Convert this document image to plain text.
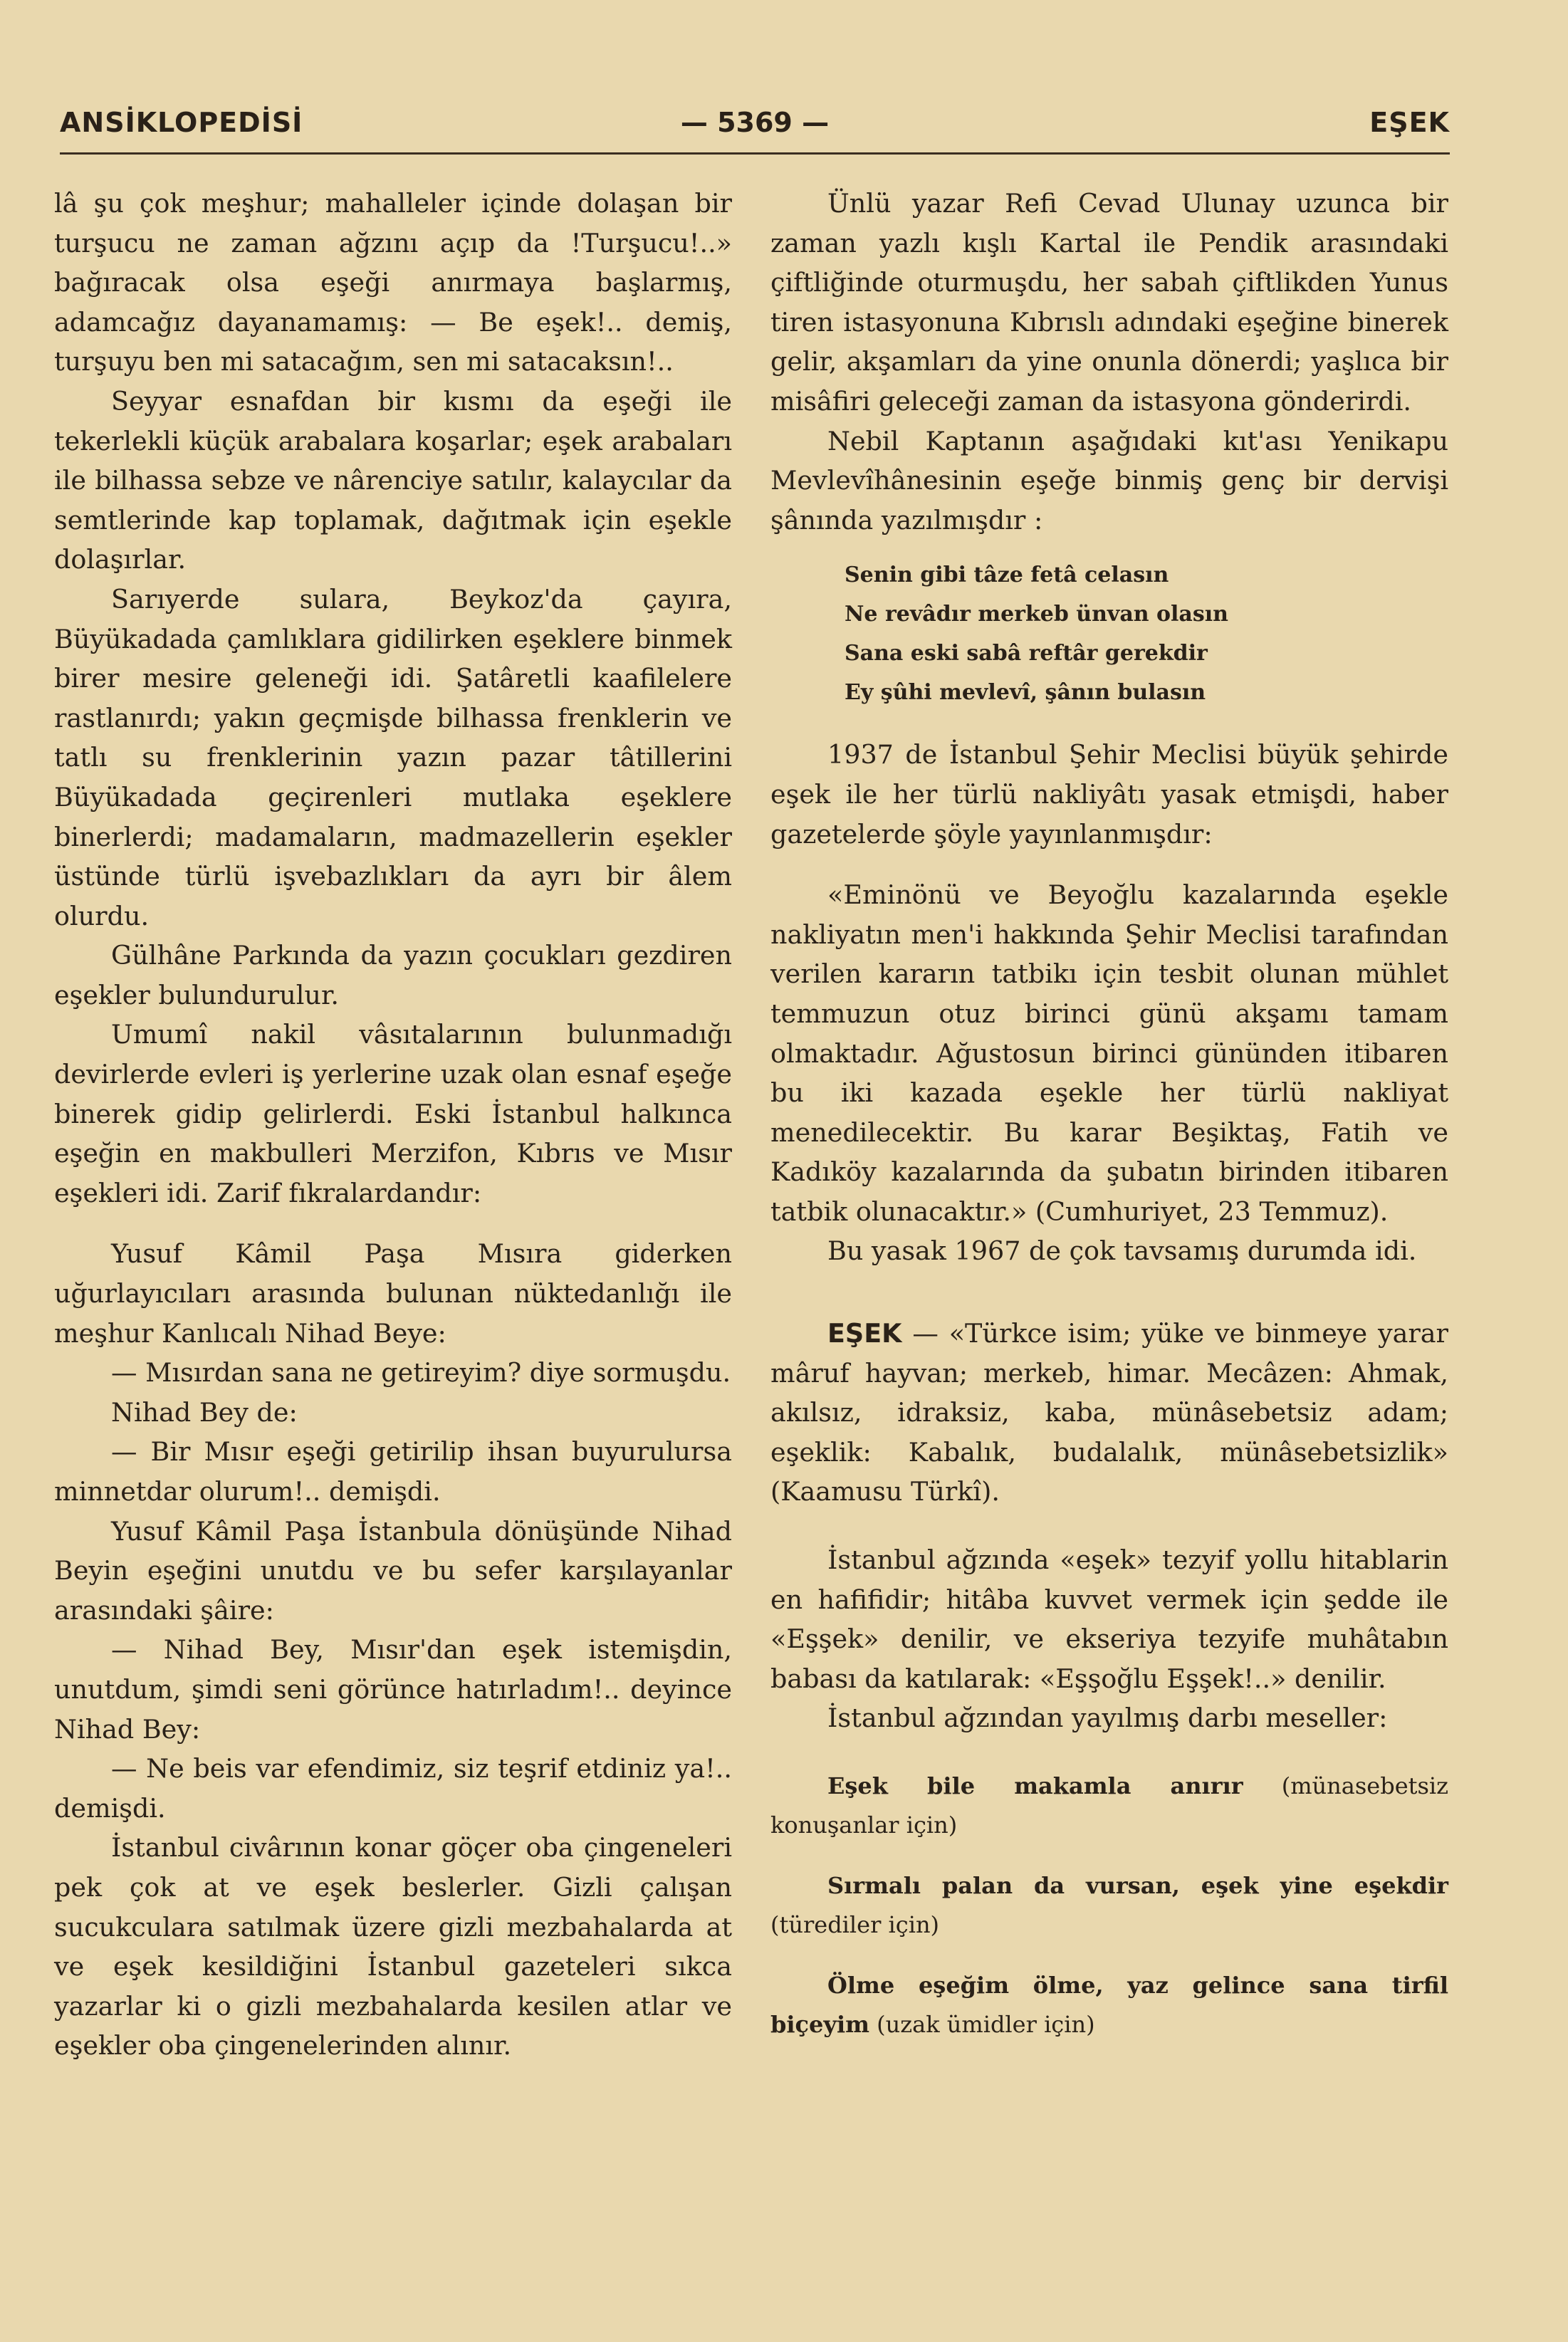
ANSİKLOPEDİSİ	— 5369 —	EŞEK

lâ şu çok meşhur; mahalleler içinde dolaşan bir turşucu ne zaman ağzını açıp da !Turşucu!..» bağıracak olsa eşeği anırmaya başlarmış, adamcağız dayanamamış: — Be eşek!.. demiş, turşuyu ben mi satacağım, sen mi satacaksın!..

Seyyar esnafdan bir kısmı da eşeği ile tekerlekli küçük arabalara koşarlar; eşek arabaları ile bilhassa sebze ve nârenciye satılır, kalaycılar da semtlerinde kap toplamak, dağıtmak için eşekle dolaşırlar.

Sarıyerde sulara, Beykoz'da çayıra, Büyükadada çamlıklara gidilirken eşeklere binmek birer mesire geleneği idi. Şatâretli kaafilelere rastlanırdı; yakın geçmişde bilhassa frenklerin ve tatlı su frenklerinin yazın pazar tâtillerini Büyükadada geçirenleri mutlaka eşeklere binerlerdi; madamaların, madmazellerin eşekler üstünde türlü işvebazlıkları da ayrı bir âlem olurdu.

Gülhâne Parkında da yazın çocukları gezdiren eşekler bulundurulur.

Umumî nakil vâsıtalarının bulunmadığı devirlerde evleri iş yerlerine uzak olan esnaf eşeğe binerek gidip gelirlerdi. Eski İstanbul halkınca eşeğin en makbulleri Merzifon, Kıbrıs ve Mısır eşekleri idi. Zarif fıkralardandır:

Yusuf Kâmil Paşa Mısıra giderken uğurlayıcıları arasında bulunan nüktedanlığı ile meşhur Kanlıcalı Nihad Beye:

— Mısırdan sana ne getireyim? diye sormuşdu.

Nihad Bey de:

— Bir Mısır eşeği getirilip ihsan buyurulursa minnetdar olurum!.. demişdi.

Yusuf Kâmil Paşa İstanbula dönüşünde Nihad Beyin eşeğini unutdu ve bu sefer karşılayanlar arasındaki şâire:

— Nihad Bey, Mısır'dan eşek istemişdin, unutdum, şimdi seni görünce hatırladım!.. deyince Nihad Bey:

— Ne beis var efendimiz, siz teşrif etdiniz ya!.. demişdi.

İstanbul civârının konar göçer oba çingeneleri pek çok at ve eşek beslerler. Gizli çalışan sucukculara satılmak üzere gizli mezbahalarda at ve eşek kesildiğini İstanbul gazeteleri sıkca yazarlar ki o gizli mezbahalarda kesilen atlar ve eşekler oba çingenelerinden alınır.

Ünlü yazar Refi Cevad Ulunay uzunca bir zaman yazlı kışlı Kartal ile Pendik arasındaki çiftliğinde oturmuşdu, her sabah çiftlikden Yunus tiren istasyonuna Kıbrıslı adındaki eşeğine binerek gelir, akşamları da yine onunla dönerdi; yaşlıca bir misâfiri geleceği zaman da istasyona gönderirdi.

Nebil Kaptanın aşağıdaki kıt'ası Yenikapu Mevlevîhânesinin eşeğe binmiş genç bir dervişi şânında yazılmışdır :

Senin gibi tâze fetâ celasın
Ne revâdır merkeb ünvan olasın
Sana eski sabâ reftâr gerekdir
Ey şûhi mevlevî, şânın bulasın

1937 de İstanbul Şehir Meclisi büyük şehirde eşek ile her türlü nakliyâtı yasak etmişdi, haber gazetelerde şöyle yayınlanmışdır:

«Eminönü ve Beyoğlu kazalarında eşekle nakliyatın men'i hakkında Şehir Meclisi tarafından verilen kararın tatbikı için tesbit olunan mühlet temmuzun otuz birinci günü akşamı tamam olmaktadır. Ağustosun birinci gününden itibaren bu iki kazada eşekle her türlü nakliyat menedilecektir. Bu karar Beşiktaş, Fatih ve Kadıköy kazalarında da şubatın birinden itibaren tatbik olunacaktır.» (Cumhuriyet, 23 Temmuz).

Bu yasak 1967 de çok tavsamış durumda idi.

EŞEK — «Türkce isim; yüke ve binmeye yarar mâruf hayvan; merkeb, himar. Mecâzen: Ahmak, akılsız, idraksiz, kaba, münâsebetsiz adam; eşeklik: Kabalık, budalalık, münâsebetsizlik» (Kaamusu Türkî).

İstanbul ağzında «eşek» tezyif yollu hitablarin en hafifidir; hitâba kuvvet vermek için şedde ile «Eşşek» denilir, ve ekseriya tezyife muhâtabın babası da katılarak: «Eşşoğlu Eşşek!..» denilir.

İstanbul ağzından yayılmış darbı meseller:

Eşek bile makamla anırır (münasebetsiz konuşanlar için)

Sırmalı palan da vursan, eşek yine eşekdir (türediler için)

Ölme eşeğim ölme, yaz gelince sana tirfil biçeyim (uzak ümidler için)
